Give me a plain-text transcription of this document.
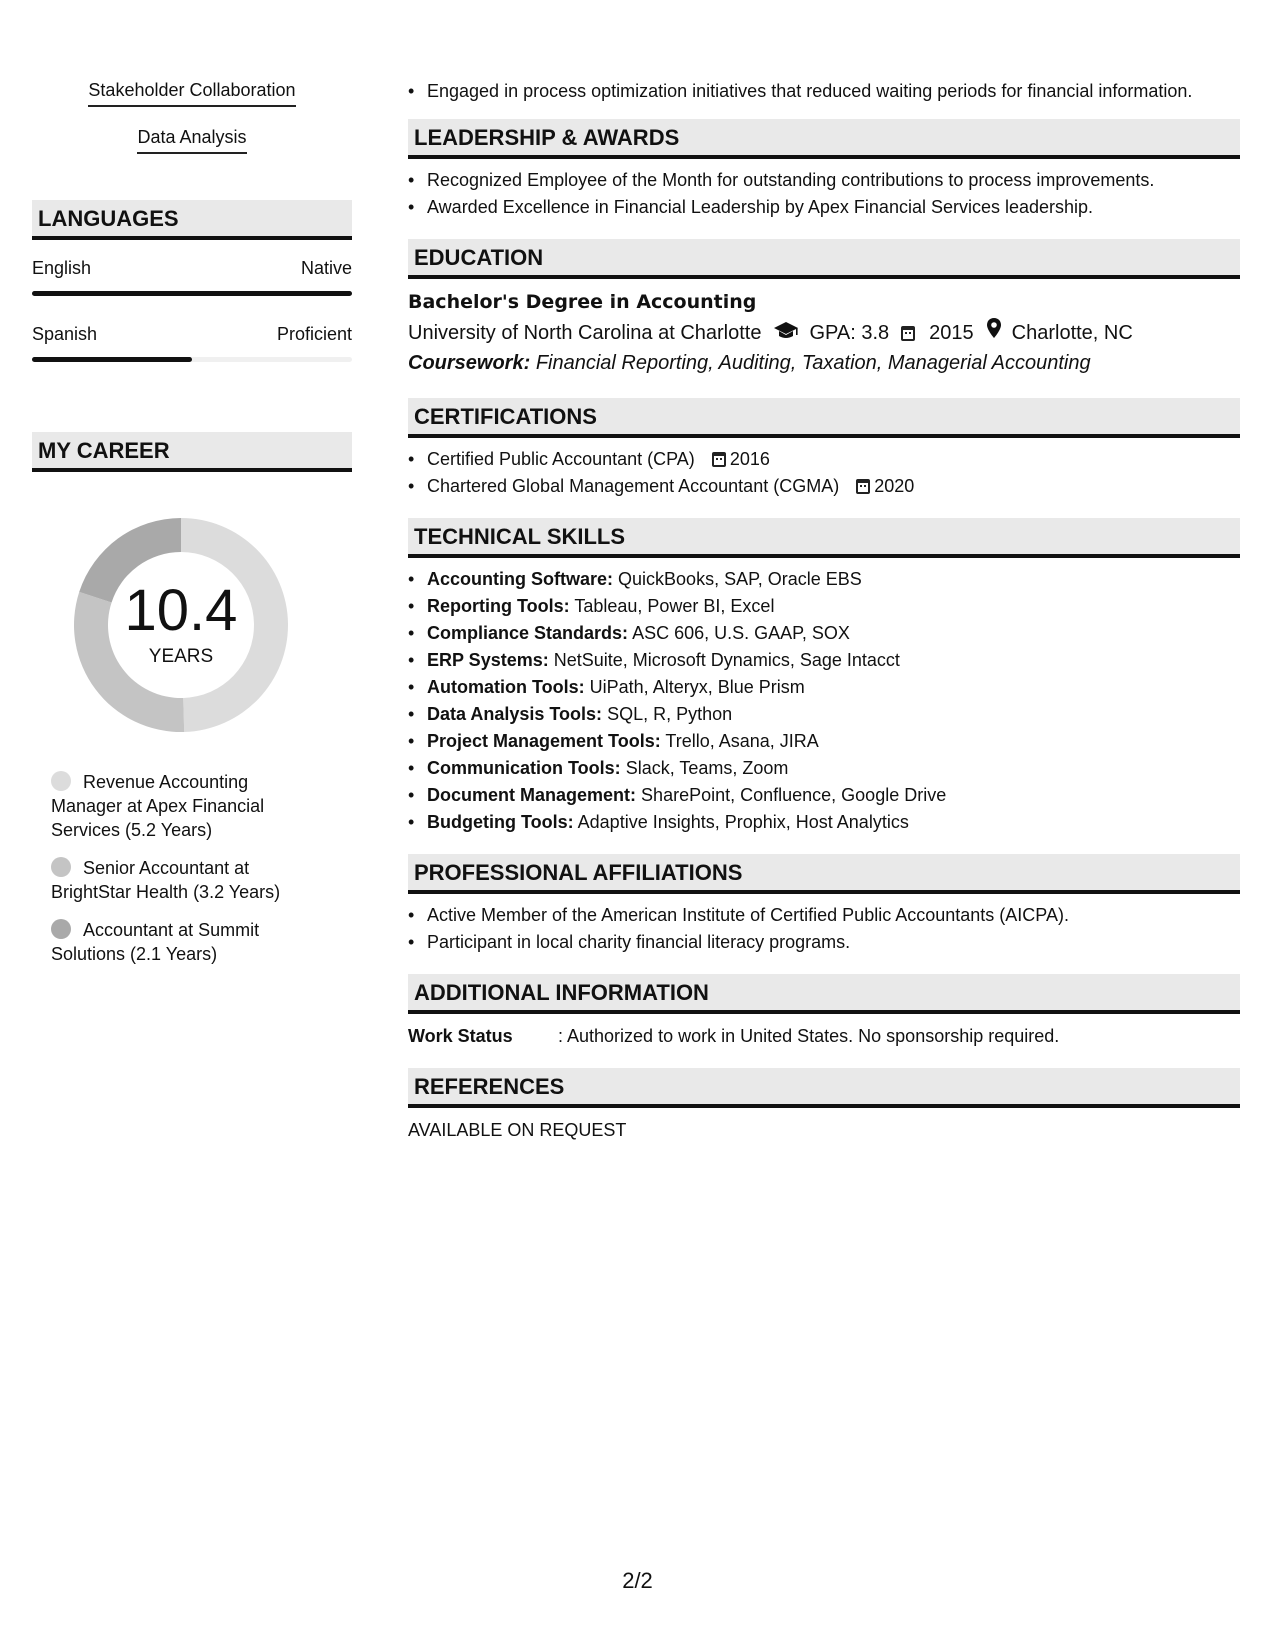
Stakeholder Collaboration
Data Analysis
LANGUAGES
English	Native
Spanish	Proficient
MY CAREER
10.4
YEARS
Revenue Accounting Manager at Apex Financial Services (5.2 Years)
Senior Accountant at BrightStar Health (3.2 Years)
Accountant at Summit Solutions (2.1 Years)
• Engaged in process optimization initiatives that reduced waiting periods for financial information.
LEADERSHIP & AWARDS
• Recognized Employee of the Month for outstanding contributions to process improvements.
• Awarded Excellence in Financial Leadership by Apex Financial Services leadership.
EDUCATION
Bachelor's Degree in Accounting
University of North Carolina at Charlotte GPA: 3.8 2015 Charlotte, NC
Coursework: Financial Reporting, Auditing, Taxation, Managerial Accounting
CERTIFICATIONS
• Certified Public Accountant (CPA) 2016
• Chartered Global Management Accountant (CGMA) 2020
TECHNICAL SKILLS
• Accounting Software: QuickBooks, SAP, Oracle EBS
• Reporting Tools: Tableau, Power BI, Excel
• Compliance Standards: ASC 606, U.S. GAAP, SOX
• ERP Systems: NetSuite, Microsoft Dynamics, Sage Intacct
• Automation Tools: UiPath, Alteryx, Blue Prism
• Data Analysis Tools: SQL, R, Python
• Project Management Tools: Trello, Asana, JIRA
• Communication Tools: Slack, Teams, Zoom
• Document Management: SharePoint, Confluence, Google Drive
• Budgeting Tools: Adaptive Insights, Prophix, Host Analytics
PROFESSIONAL AFFILIATIONS
• Active Member of the American Institute of Certified Public Accountants (AICPA).
• Participant in local charity financial literacy programs.
ADDITIONAL INFORMATION
Work Status	: Authorized to work in United States. No sponsorship required.
REFERENCES
AVAILABLE ON REQUEST
2/2
